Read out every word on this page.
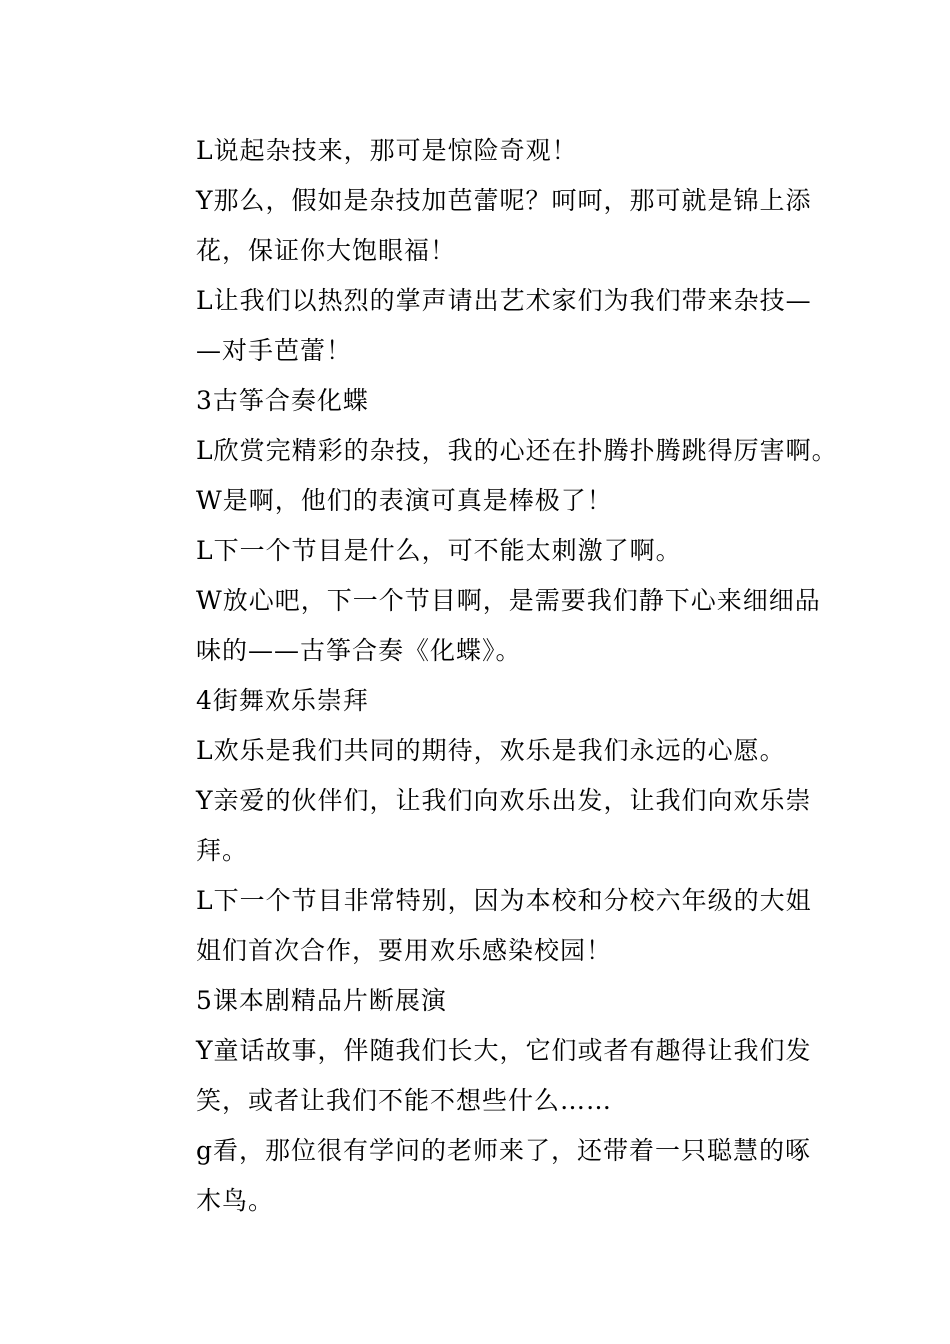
L说起杂技来，那可是惊险奇观！

Y那么，假如是杂技加芭蕾呢？呵呵，那可就是锦上添
花，保证你大饱眼福！

L让我们以热烈的掌声请出艺术家们为我们带来杂技—
—对手芭蕾！

3古筝合奏化蝶

L欣赏完精彩的杂技，我的心还在扑腾扑腾跳得厉害啊。

W是啊，他们的表演可真是棒极了！

L下一个节目是什么，可不能太刺激了啊。

W放心吧，下一个节目啊，是需要我们静下心来细细品
味的——古筝合奏《化蝶》。

4街舞欢乐崇拜

L欢乐是我们共同的期待，欢乐是我们永远的心愿。

Y亲爱的伙伴们，让我们向欢乐出发，让我们向欢乐崇
拜。

L下一个节目非常特别，因为本校和分校六年级的大姐
姐们首次合作，要用欢乐感染校园！

5课本剧精品片断展演

Y童话故事，伴随我们长大，它们或者有趣得让我们发
笑，或者让我们不能不想些什么……

g看，那位很有学问的老师来了，还带着一只聪慧的啄
木鸟。
